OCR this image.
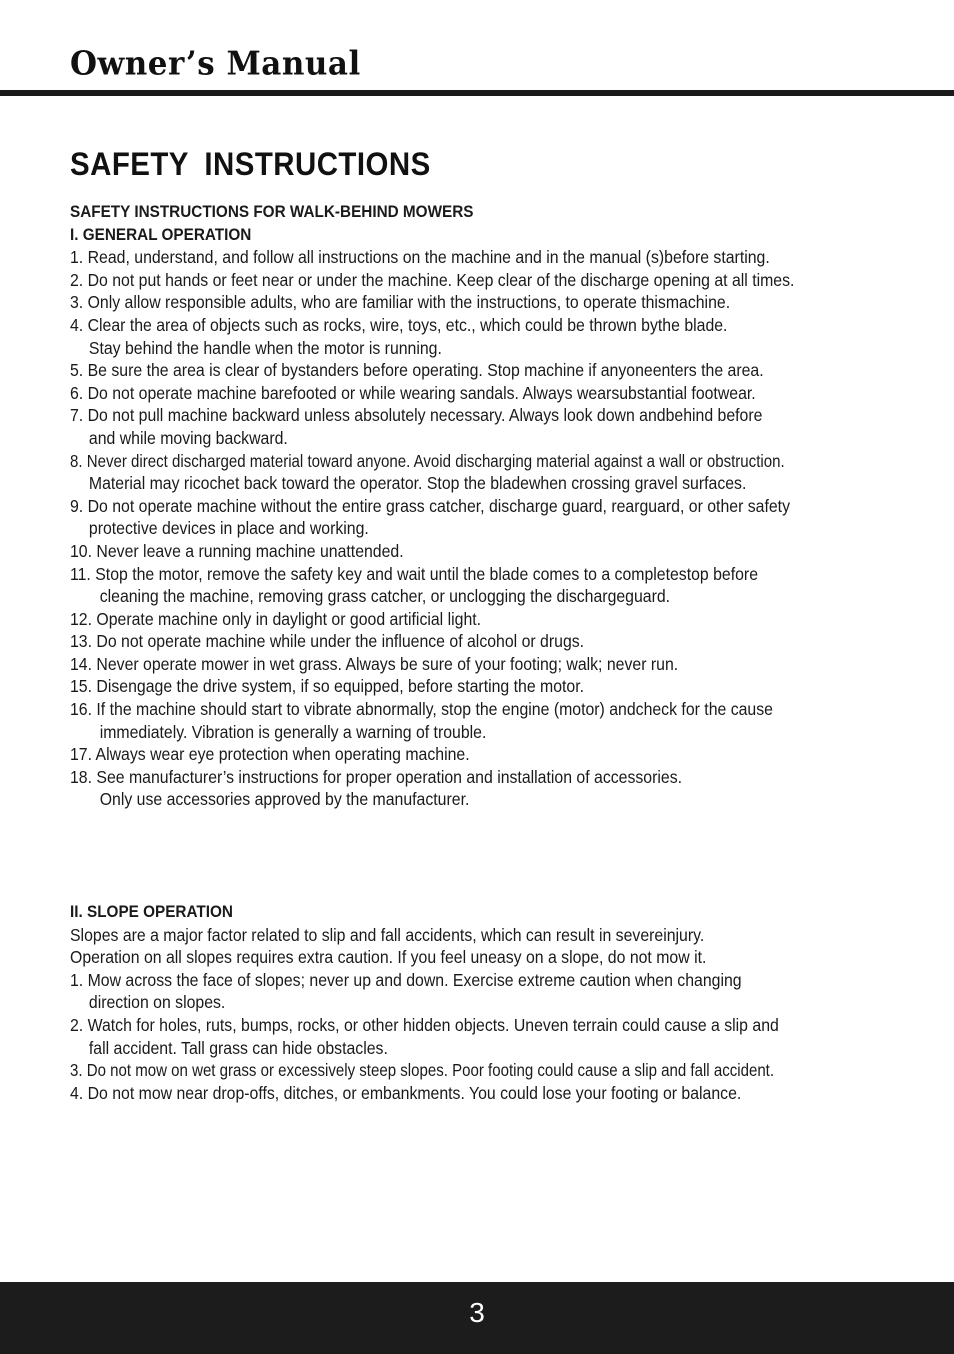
Owner’s Manual
SAFETY INSTRUCTIONS
SAFETY INSTRUCTIONS FOR WALK-BEHIND MOWERS
I. GENERAL OPERATION
1. Read, understand, and follow all instructions on the machine and in the manual (s)before starting.
2. Do not put hands or feet near or under the machine. Keep clear of the discharge opening at all times.
3. Only allow responsible adults, who are familiar with the instructions, to operate thismachine.
4. Clear the area of objects such as rocks, wire, toys, etc., which could be thrown bythe blade.
Stay behind the handle when the motor is running.
5. Be sure the area is clear of bystanders before operating. Stop machine if anyoneenters the area.
6. Do not operate machine barefooted or while wearing sandals. Always wearsubstantial footwear.
7. Do not pull machine backward unless absolutely necessary. Always look down andbehind before
and while moving backward.
8. Never direct discharged material toward anyone. Avoid discharging material against a wall or obstruction.
Material may ricochet back toward the operator. Stop the bladewhen crossing gravel surfaces.
9. Do not operate machine without the entire grass catcher, discharge guard, rearguard, or other safety
protective devices in place and working.
10. Never leave a running machine unattended.
11. Stop the motor, remove the safety key and wait until the blade comes to a completestop before
cleaning the machine, removing grass catcher, or unclogging the dischargeguard.
12. Operate machine only in daylight or good artificial light.
13. Do not operate machine while under the influence of alcohol or drugs.
14. Never operate mower in wet grass. Always be sure of your footing; walk; never run.
15. Disengage the drive system, if so equipped, before starting the motor.
16. If the machine should start to vibrate abnormally, stop the engine (motor) andcheck for the cause
immediately. Vibration is generally a warning of trouble.
17. Always wear eye protection when operating machine.
18. See manufacturer’s instructions for proper operation and installation of accessories.
Only use accessories approved by the manufacturer.
II. SLOPE OPERATION
Slopes are a major factor related to slip and fall accidents, which can result in severeinjury.
Operation on all slopes requires extra caution. If you feel uneasy on a slope, do not mow it.
1. Mow across the face of slopes; never up and down. Exercise extreme caution when changing
direction on slopes.
2. Watch for holes, ruts, bumps, rocks, or other hidden objects. Uneven terrain could cause a slip and
fall accident. Tall grass can hide obstacles.
3. Do not mow on wet grass or excessively steep slopes. Poor footing could cause a slip and fall accident.
4. Do not mow near drop-offs, ditches, or embankments. You could lose your footing or balance.
3
